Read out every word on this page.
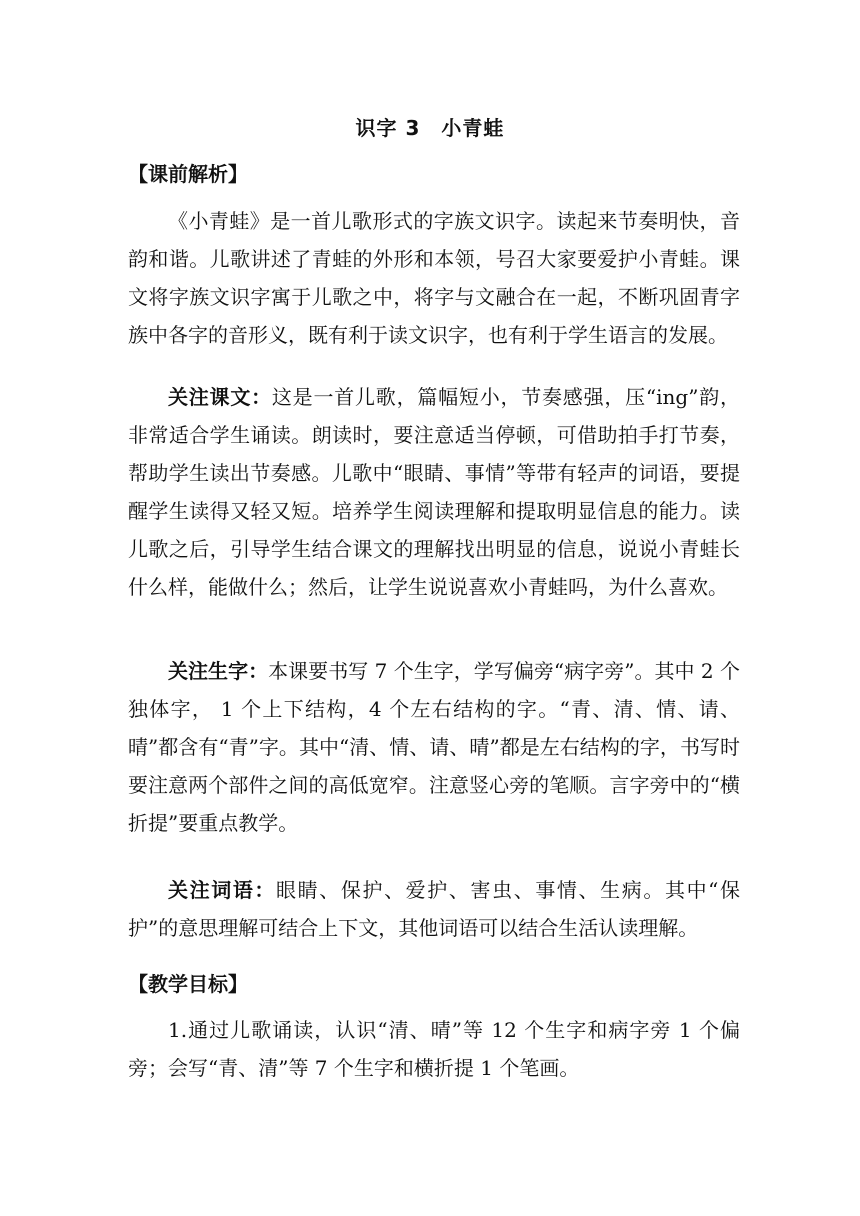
识字 3　小青蛙
【课前解析】

《小青蛙》是一首儿歌形式的字族文识字。读起来节奏明快，音韵和谐。儿歌讲述了青蛙的外形和本领，号召大家要爱护小青蛙。课文将字族文识字寓于儿歌之中，将字与文融合在一起，不断巩固青字族中各字的音形义，既有利于读文识字，也有利于学生语言的发展。

关注课文：这是一首儿歌，篇幅短小，节奏感强，压“ing”韵，非常适合学生诵读。朗读时，要注意适当停顿，可借助拍手打节奏，帮助学生读出节奏感。儿歌中“眼睛、事情”等带有轻声的词语，要提醒学生读得又轻又短。培养学生阅读理解和提取明显信息的能力。读儿歌之后，引导学生结合课文的理解找出明显的信息，说说小青蛙长什么样，能做什么；然后，让学生说说喜欢小青蛙吗，为什么喜欢。

关注生字：本课要书写 7 个生字，学写偏旁“病字旁”。其中 2 个独体字， 1 个上下结构，4 个左右结构的字。“青、清、情、请、晴”都含有“青”字。其中“清、情、请、晴”都是左右结构的字，书写时要注意两个部件之间的高低宽窄。注意竖心旁的笔顺。言字旁中的“横折提”要重点教学。

关注词语：眼睛、保护、爱护、害虫、事情、生病。其中“保护”的意思理解可结合上下文，其他词语可以结合生活认读理解。

【教学目标】

1.通过儿歌诵读，认识“清、晴”等 12 个生字和病字旁 1 个偏旁；会写“青、清”等 7 个生字和横折提 1 个笔画。
